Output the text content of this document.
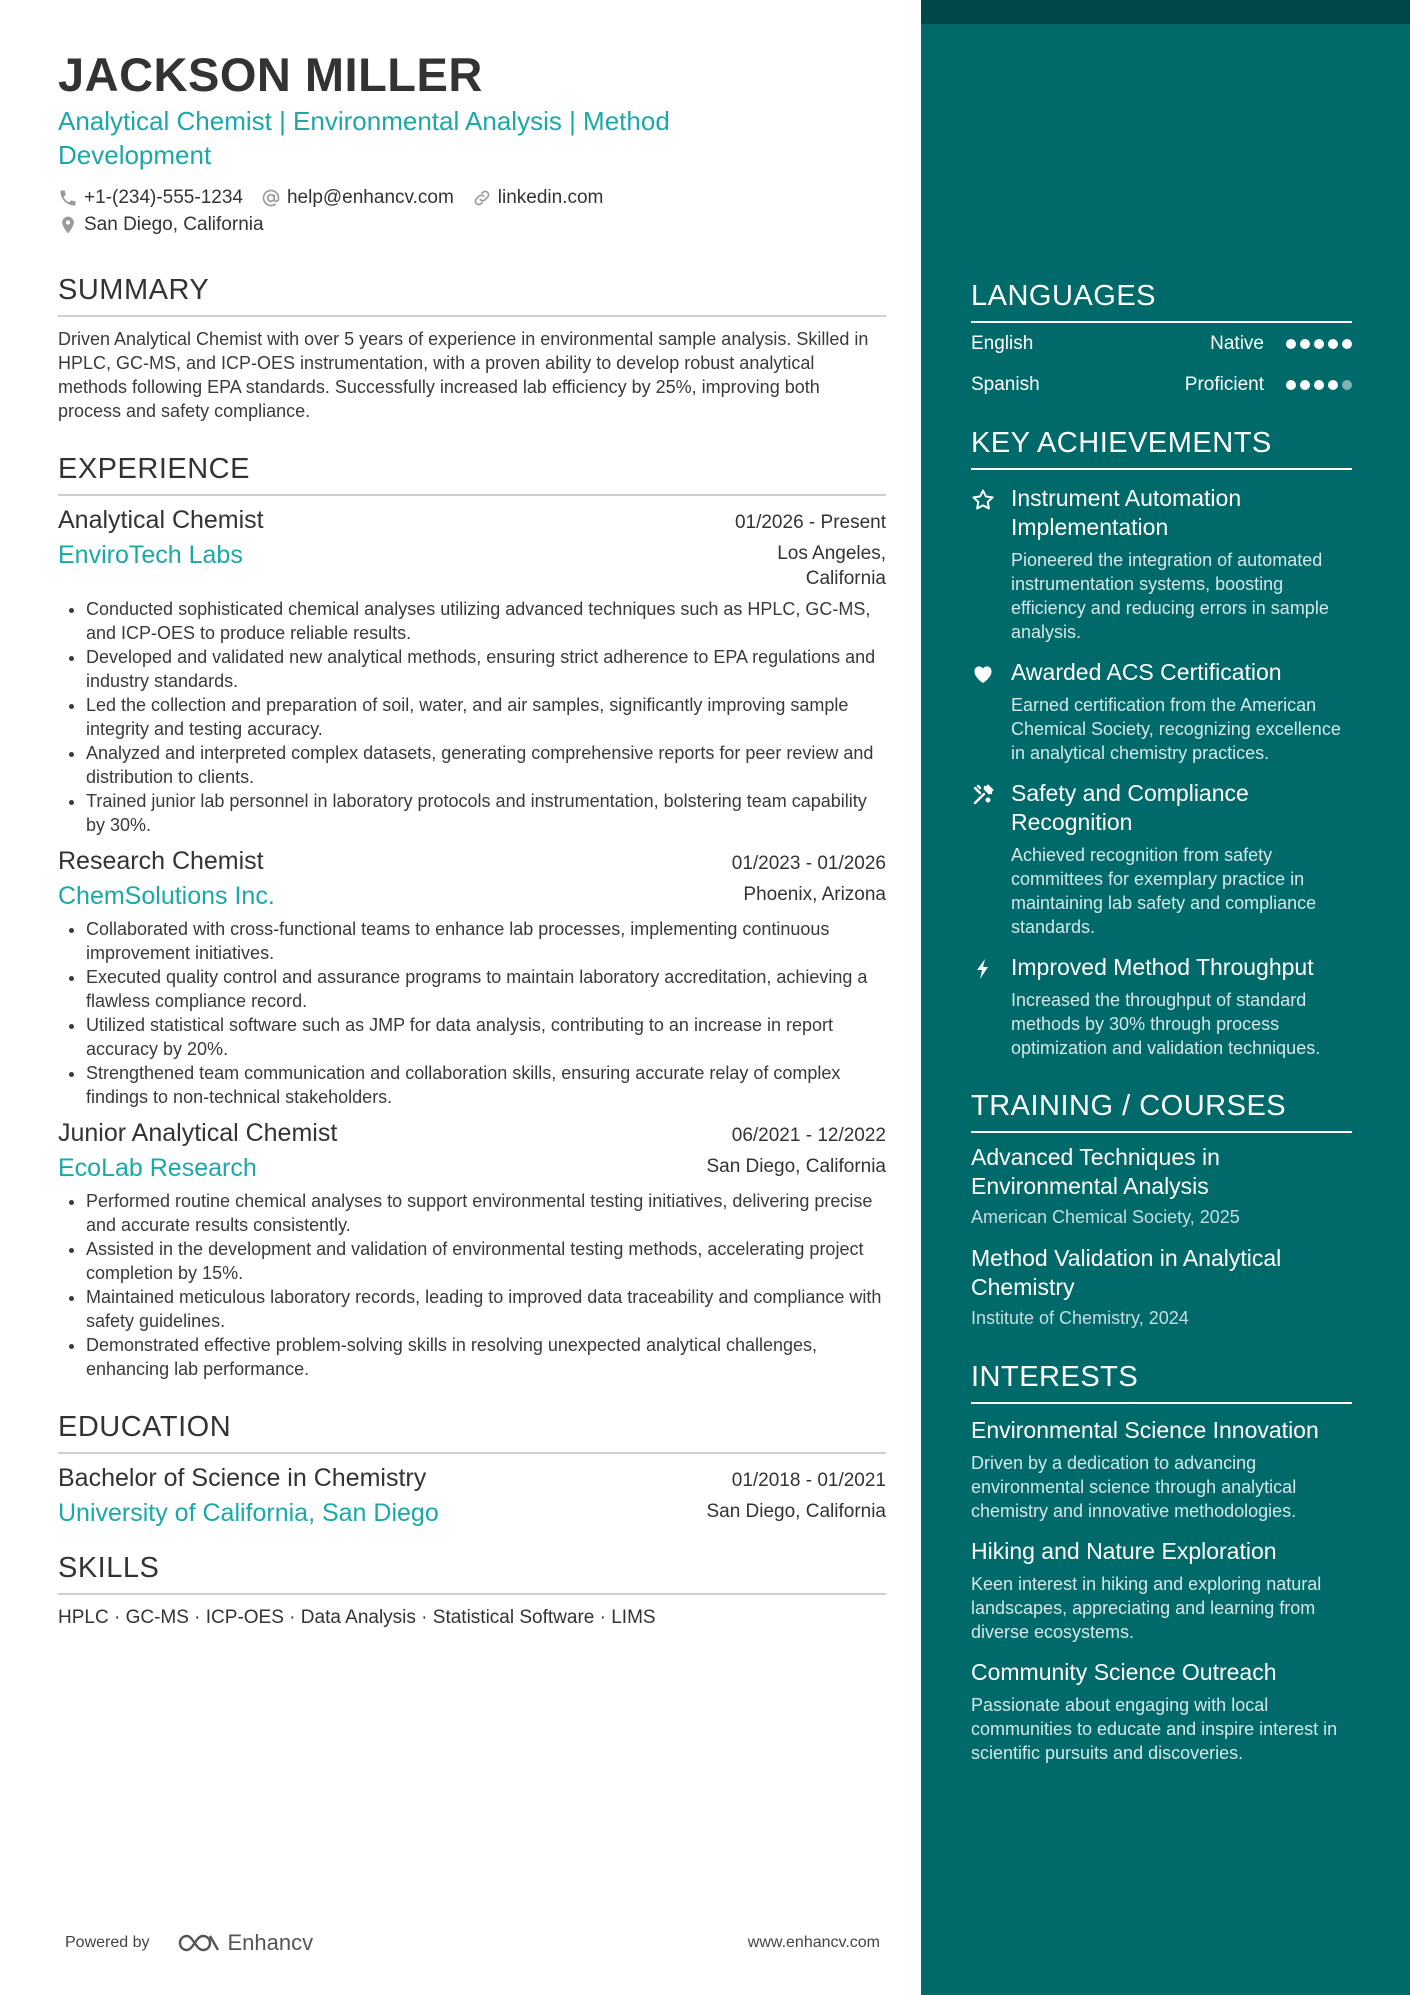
JACKSON MILLER
Analytical Chemist | Environmental Analysis | Method Development
+1-(234)-555-1234 help@enhancv.com linkedin.com
San Diego, California
SUMMARY
Driven Analytical Chemist with over 5 years of experience in environmental sample analysis. Skilled in HPLC, GC-MS, and ICP-OES instrumentation, with a proven ability to develop robust analytical methods following EPA standards. Successfully increased lab efficiency by 25%, improving both process and safety compliance.
EXPERIENCE
Analytical Chemist	01/2026 - Present
EnviroTech Labs	Los Angeles, California
• Conducted sophisticated chemical analyses utilizing advanced techniques such as HPLC, GC-MS, and ICP-OES to produce reliable results.
• Developed and validated new analytical methods, ensuring strict adherence to EPA regulations and industry standards.
• Led the collection and preparation of soil, water, and air samples, significantly improving sample integrity and testing accuracy.
• Analyzed and interpreted complex datasets, generating comprehensive reports for peer review and distribution to clients.
• Trained junior lab personnel in laboratory protocols and instrumentation, bolstering team capability by 30%.
Research Chemist	01/2023 - 01/2026
ChemSolutions Inc.	Phoenix, Arizona
• Collaborated with cross-functional teams to enhance lab processes, implementing continuous improvement initiatives.
• Executed quality control and assurance programs to maintain laboratory accreditation, achieving a flawless compliance record.
• Utilized statistical software such as JMP for data analysis, contributing to an increase in report accuracy by 20%.
• Strengthened team communication and collaboration skills, ensuring accurate relay of complex findings to non-technical stakeholders.
Junior Analytical Chemist	06/2021 - 12/2022
EcoLab Research	San Diego, California
• Performed routine chemical analyses to support environmental testing initiatives, delivering precise and accurate results consistently.
• Assisted in the development and validation of environmental testing methods, accelerating project completion by 15%.
• Maintained meticulous laboratory records, leading to improved data traceability and compliance with safety guidelines.
• Demonstrated effective problem-solving skills in resolving unexpected analytical challenges, enhancing lab performance.
EDUCATION
Bachelor of Science in Chemistry	01/2018 - 01/2021
University of California, San Diego	San Diego, California
SKILLS
HPLC · GC-MS · ICP-OES · Data Analysis · Statistical Software · LIMS
Powered by	Enhancv	www.enhancv.com
LANGUAGES
English	Native
Spanish	Proficient
KEY ACHIEVEMENTS
Instrument Automation Implementation
Pioneered the integration of automated instrumentation systems, boosting efficiency and reducing errors in sample analysis.
Awarded ACS Certification
Earned certification from the American Chemical Society, recognizing excellence in analytical chemistry practices.
Safety and Compliance Recognition
Achieved recognition from safety committees for exemplary practice in maintaining lab safety and compliance standards.
Improved Method Throughput
Increased the throughput of standard methods by 30% through process optimization and validation techniques.
TRAINING / COURSES
Advanced Techniques in Environmental Analysis
American Chemical Society, 2025
Method Validation in Analytical Chemistry
Institute of Chemistry, 2024
INTERESTS
Environmental Science Innovation
Driven by a dedication to advancing environmental science through analytical chemistry and innovative methodologies.
Hiking and Nature Exploration
Keen interest in hiking and exploring natural landscapes, appreciating and learning from diverse ecosystems.
Community Science Outreach
Passionate about engaging with local communities to educate and inspire interest in scientific pursuits and discoveries.
